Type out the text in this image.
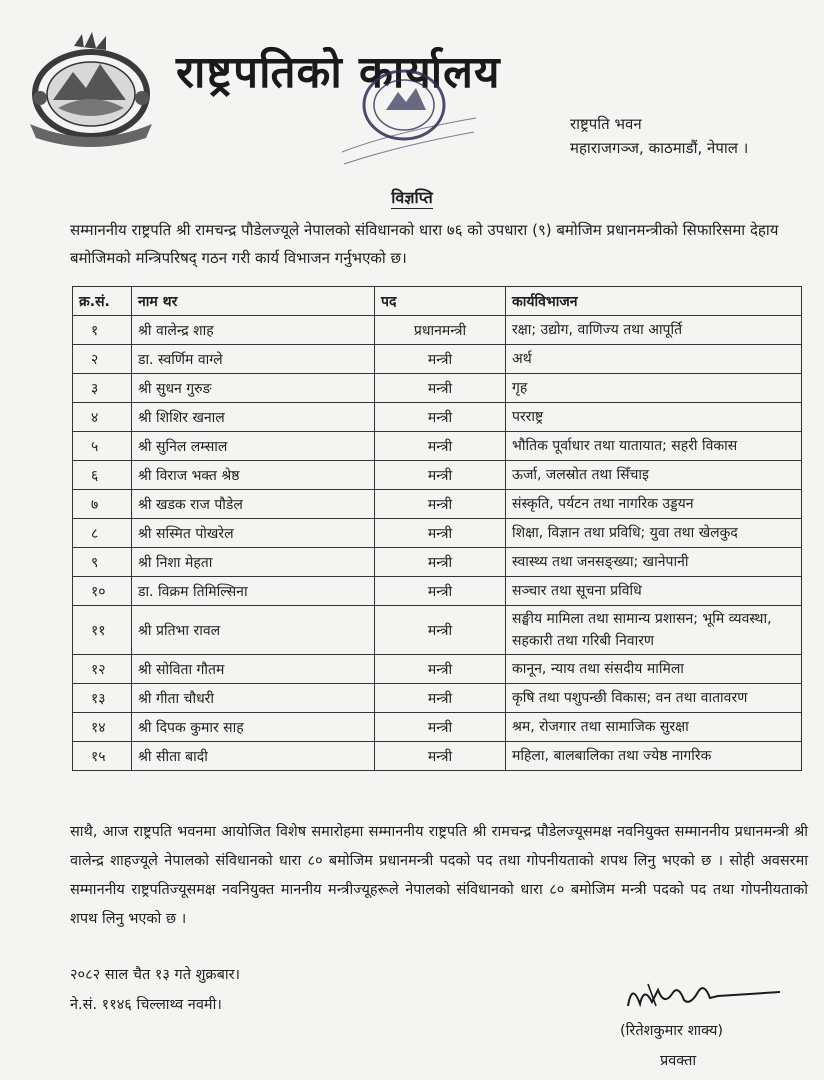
राष्ट्रपतिको कार्यालय
राष्ट्रपति भवन
महाराजगञ्ज, काठमाडौं, नेपाल ।
विज्ञप्ति
सम्माननीय राष्ट्रपति श्री रामचन्द्र पौडेलज्यूले नेपालको संविधानको धारा ७६ को उपधारा (९) बमोजिम प्रधानमन्त्रीको सिफारिसमा देहाय बमोजिमको मन्त्रिपरिषद् गठन गरी कार्य विभाजन गर्नुभएको छ।
क्र.सं.	नाम थर	पद	कार्यविभाजन
१	श्री वालेन्द्र शाह	प्रधानमन्त्री	रक्षा; उद्योग, वाणिज्य तथा आपूर्ति
२	डा. स्वर्णिम वाग्ले	मन्त्री	अर्थ
३	श्री सुधन गुरुङ	मन्त्री	गृह
४	श्री शिशिर खनाल	मन्त्री	परराष्ट्र
५	श्री सुनिल लम्साल	मन्त्री	भौतिक पूर्वाधार तथा यातायात; सहरी विकास
६	श्री विराज भक्त श्रेष्ठ	मन्त्री	ऊर्जा, जलस्रोत तथा सिँचाइ
७	श्री खडक राज पौडेल	मन्त्री	संस्कृति, पर्यटन तथा नागरिक उड्डयन
८	श्री सस्मित पोखरेल	मन्त्री	शिक्षा, विज्ञान तथा प्रविधि; युवा तथा खेलकुद
९	श्री निशा मेहता	मन्त्री	स्वास्थ्य तथा जनसङ्ख्या; खानेपानी
१०	डा. विक्रम तिमिल्सिना	मन्त्री	सञ्चार तथा सूचना प्रविधि
११	श्री प्रतिभा रावल	मन्त्री	सङ्घीय मामिला तथा सामान्य प्रशासन; भूमि व्यवस्था, सहकारी तथा गरिबी निवारण
१२	श्री सोविता गौतम	मन्त्री	कानून, न्याय तथा संसदीय मामिला
१३	श्री गीता चौधरी	मन्त्री	कृषि तथा पशुपन्छी विकास; वन तथा वातावरण
१४	श्री दिपक कुमार साह	मन्त्री	श्रम, रोजगार तथा सामाजिक सुरक्षा
१५	श्री सीता बादी	मन्त्री	महिला, बालबालिका तथा ज्येष्ठ नागरिक
साथै, आज राष्ट्रपति भवनमा आयोजित विशेष समारोहमा सम्माननीय राष्ट्रपति श्री रामचन्द्र पौडेलज्यूसमक्ष नवनियुक्त सम्माननीय प्रधानमन्त्री श्री वालेन्द्र शाहज्यूले नेपालको संविधानको धारा ८० बमोजिम प्रधानमन्त्री पदको पद तथा गोपनीयताको शपथ लिनु भएको छ । सोही अवसरमा सम्माननीय राष्ट्रपतिज्यूसमक्ष नवनियुक्त माननीय मन्त्रीज्यूहरूले नेपालको संविधानको धारा ८० बमोजिम मन्त्री पदको पद तथा गोपनीयताको शपथ लिनु भएको छ ।
२०८२ साल चैत १३ गते शुक्रबार।
ने.सं. ११४६ चिल्लाथ्व नवमी।
(रितेशकुमार शाक्य)
प्रवक्ता
